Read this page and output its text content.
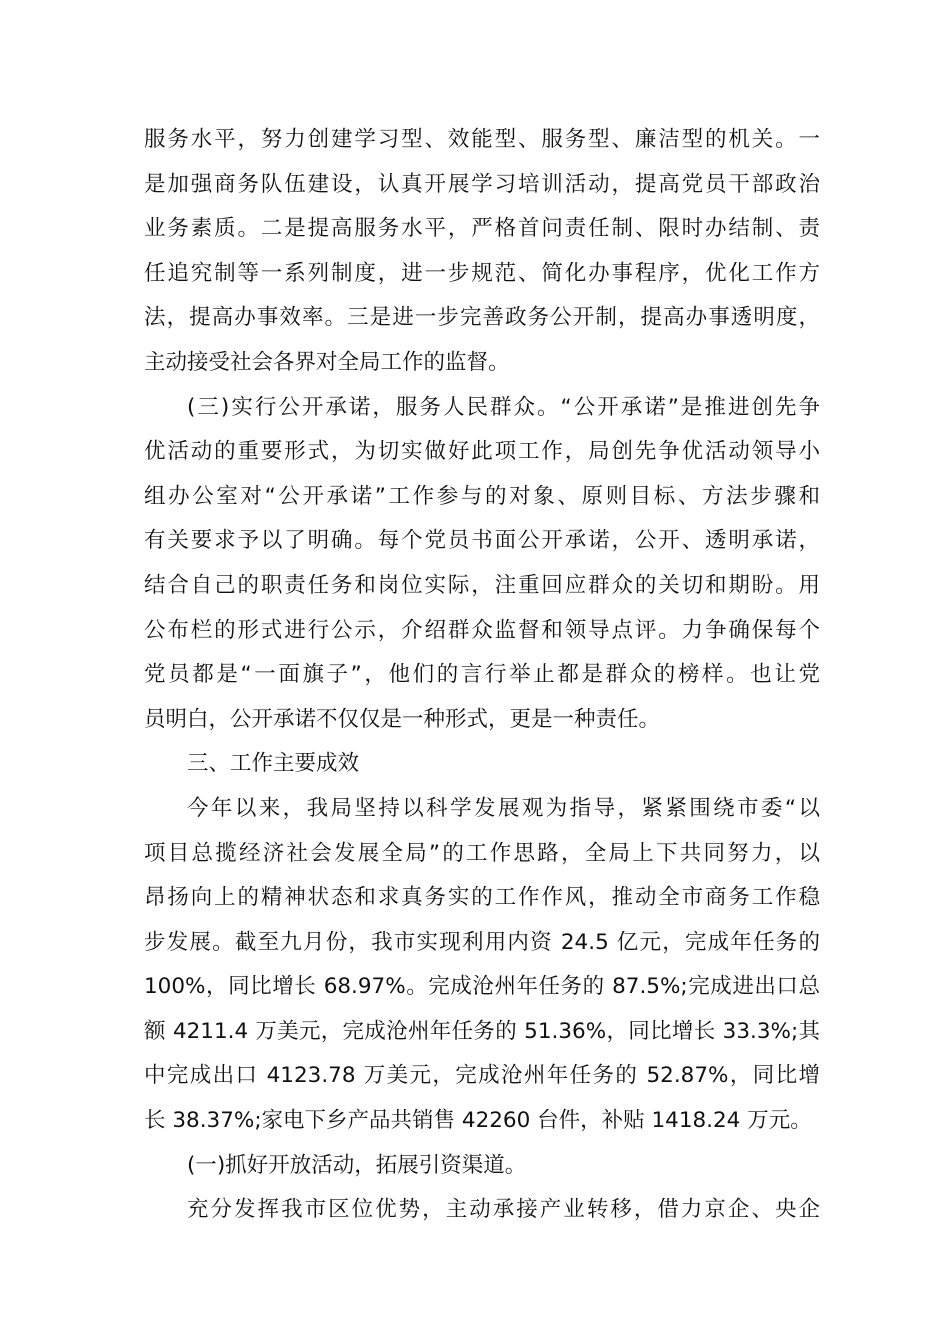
服务水平，努力创建学习型、效能型、服务型、廉洁型的机关。一
是加强商务队伍建设，认真开展学习培训活动，提高党员干部政治
业务素质。二是提高服务水平，严格首问责任制、限时办结制、责
任追究制等一系列制度，进一步规范、简化办事程序，优化工作方
法，提高办事效率。三是进一步完善政务公开制，提高办事透明度，
主动接受社会各界对全局工作的监督。
(三)实行公开承诺，服务人民群众。“公开承诺”是推进创先争
优活动的重要形式，为切实做好此项工作，局创先争优活动领导小
组办公室对“公开承诺”工作参与的对象、原则目标、方法步骤和
有关要求予以了明确。每个党员书面公开承诺，公开、透明承诺，
结合自己的职责任务和岗位实际，注重回应群众的关切和期盼。用
公布栏的形式进行公示，介绍群众监督和领导点评。力争确保每个
党员都是“一面旗子”，他们的言行举止都是群众的榜样。也让党
员明白，公开承诺不仅仅是一种形式，更是一种责任。
三、工作主要成效
今年以来，我局坚持以科学发展观为指导，紧紧围绕市委“以
项目总揽经济社会发展全局”的工作思路，全局上下共同努力，以
昂扬向上的精神状态和求真务实的工作作风，推动全市商务工作稳
步发展。截至九月份，我市实现利用内资 24.5 亿元，完成年任务的
100%，同比增长 68.97%。完成沧州年任务的 87.5%;完成进出口总
额 4211.4 万美元，完成沧州年任务的 51.36%，同比增长 33.3%;其
中完成出口 4123.78 万美元，完成沧州年任务的 52.87%，同比增
长 38.37%;家电下乡产品共销售 42260 台件，补贴 1418.24 万元。
(一)抓好开放活动，拓展引资渠道。
充分发挥我市区位优势，主动承接产业转移，借力京企、央企
